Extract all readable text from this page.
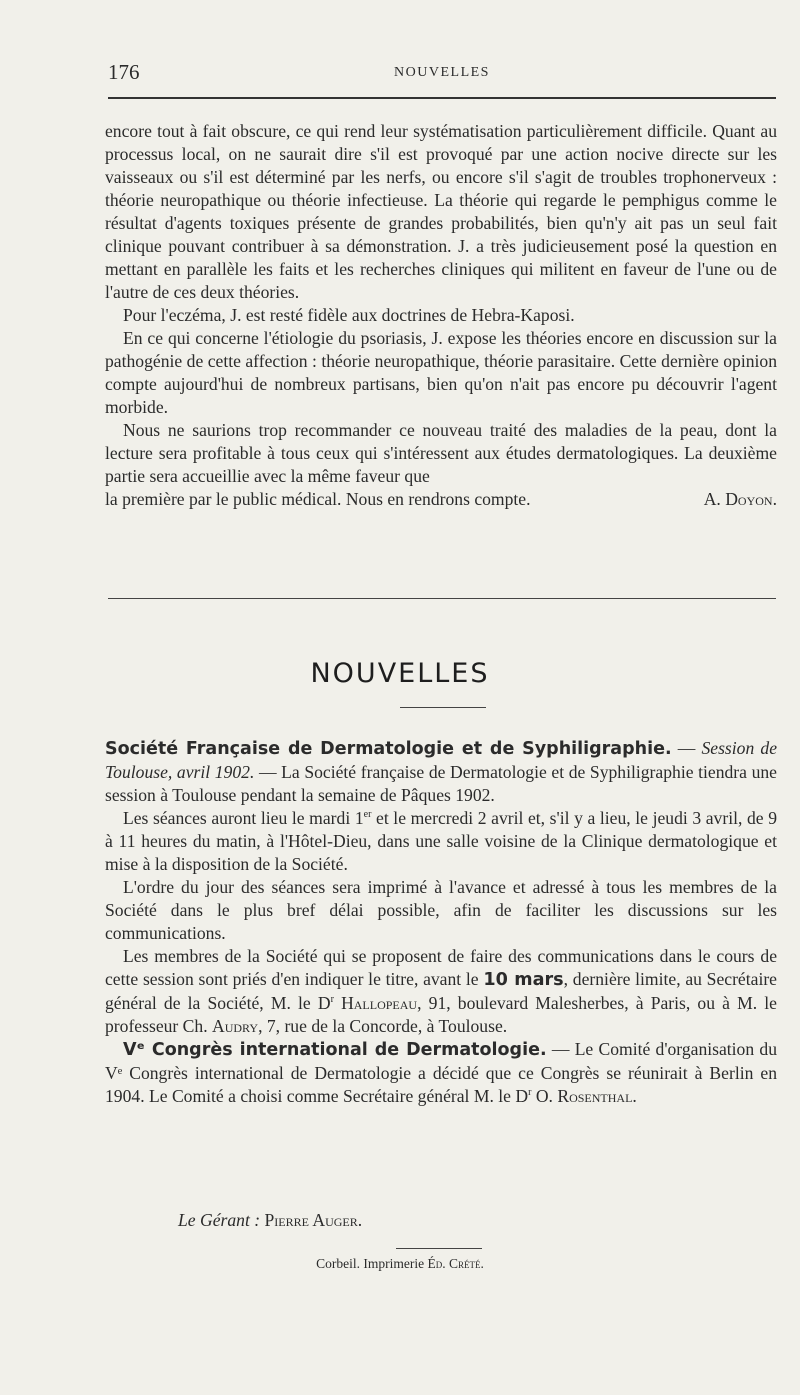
176	NOUVELLES

encore tout à fait obscure, ce qui rend leur systématisation particulièrement difficile. Quant au processus local, on ne saurait dire s'il est provoqué par une action nocive directe sur les vaisseaux ou s'il est déterminé par les nerfs, ou encore s'il s'agit de troubles trophonerveux : théorie neuropathique ou théorie infectieuse. La théorie qui regarde le pemphigus comme le résultat d'agents toxiques présente de grandes probabilités, bien qu'n'y ait pas un seul fait clinique pouvant contribuer à sa démonstration. J. a très judicieusement posé la question en mettant en parallèle les faits et les recherches cliniques qui militent en faveur de l'une ou de l'autre de ces deux théories.

Pour l'eczéma, J. est resté fidèle aux doctrines de Hebra-Kaposi.

En ce qui concerne l'étiologie du psoriasis, J. expose les théories encore en discussion sur la pathogénie de cette affection : théorie neuropathique, théorie parasitaire. Cette dernière opinion compte aujourd'hui de nombreux partisans, bien qu'on n'ait pas encore pu découvrir l'agent morbide.

Nous ne saurions trop recommander ce nouveau traité des maladies de la peau, dont la lecture sera profitable à tous ceux qui s'intéressent aux études dermatologiques. La deuxième partie sera accueillie avec la même faveur que

la première par le public médical. Nous en rendrons compte.	A. Doyon.
NOUVELLES

Société Française de Dermatologie et de Syphiligraphie. — Session de Toulouse, avril 1902. — La Société française de Dermatologie et de Syphiligraphie tiendra une session à Toulouse pendant la semaine de Pâques 1902.

Les séances auront lieu le mardi 1er et le mercredi 2 avril et, s'il y a lieu, le jeudi 3 avril, de 9 à 11 heures du matin, à l'Hôtel-Dieu, dans une salle voisine de la Clinique dermatologique et mise à la disposition de la Société.

L'ordre du jour des séances sera imprimé à l'avance et adressé à tous les membres de la Société dans le plus bref délai possible, afin de faciliter les discussions sur les communications.

Les membres de la Société qui se proposent de faire des communications dans le cours de cette session sont priés d'en indiquer le titre, avant le 10 mars, dernière limite, au Secrétaire général de la Société, M. le $D^r$ Hallopeau, 91, boulevard Malesherbes, à Paris, ou à M. le professeur Ch. Audry, 7, rue de la Concorde, à Toulouse.

Vᵉ Congrès international de Dermatologie. — Le Comité d'organisation du Vᵉ Congrès international de Dermatologie a décidé que ce Congrès se réunirait à Berlin en 1904. Le Comité a choisi comme Secrétaire général M. le $D^r$ O. Rosenthal.

Le Gérant : Pierre Auger.
Corbeil. Imprimerie Éd. Crété.
